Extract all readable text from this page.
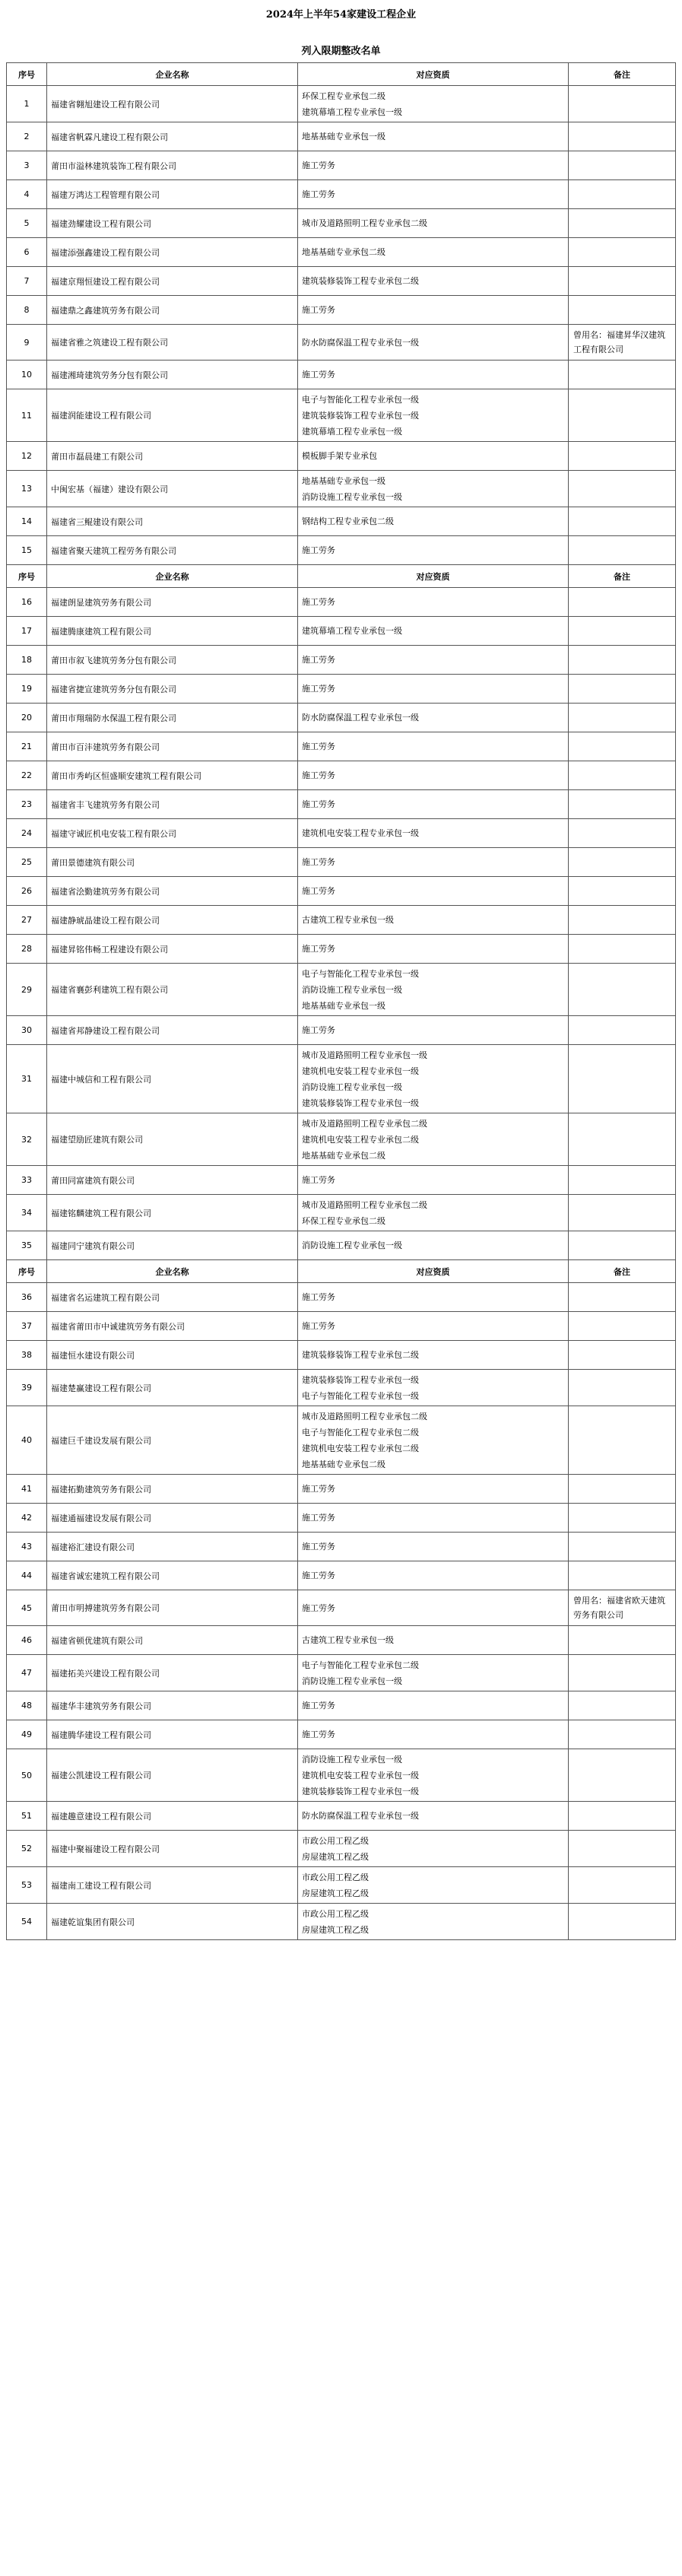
2024年上半年54家建设工程企业
列入限期整改名单
序号	企业名称	对应资质	备注
1	福建省翱旭建设工程有限公司	环保工程专业承包二级
建筑幕墙工程专业承包一级	

2	福建省帆霖凡建设工程有限公司	地基基础专业承包一级	

3	莆田市溢林建筑装饰工程有限公司	施工劳务	

4	福建万鸿达工程管理有限公司	施工劳务	

5	福建劲耀建设工程有限公司	城市及道路照明工程专业承包二级	

6	福建添强鑫建设工程有限公司	地基基础专业承包二级	

7	福建京翔恒建设工程有限公司	建筑装修装饰工程专业承包二级	

8	福建鼎之鑫建筑劳务有限公司	施工劳务	

9	福建省雅之筑建设工程有限公司	防水防腐保温工程专业承包一级	曾用名：福建昇华汉建筑工程有限公司
10	福建湘琦建筑劳务分包有限公司	施工劳务	

11	福建润能建设工程有限公司	电子与智能化工程专业承包一级
建筑装修装饰工程专业承包一级
建筑幕墙工程专业承包一级	

12	莆田市磊晨建工有限公司	模板脚手架专业承包	

13	中闽宏基（福建）建设有限公司	地基基础专业承包一级
消防设施工程专业承包一级	

14	福建省三鲲建设有限公司	钢结构工程专业承包二级	

15	福建省聚天建筑工程劳务有限公司	施工劳务	

序号	企业名称	对应资质	备注
16	福建朗显建筑劳务有限公司	施工劳务	

17	福建腾康建筑工程有限公司	建筑幕墙工程专业承包一级	

18	莆田市叙飞建筑劳务分包有限公司	施工劳务	

19	福建省捷宣建筑劳务分包有限公司	施工劳务	

20	莆田市翔瑞防水保温工程有限公司	防水防腐保温工程专业承包一级	

21	莆田市百沣建筑劳务有限公司	施工劳务	

22	莆田市秀屿区恒盛顺安建筑工程有限公司	施工劳务	

23	福建省丰飞建筑劳务有限公司	施工劳务	

24	福建守诚匠机电安装工程有限公司	建筑机电安装工程专业承包一级	

25	莆田景德建筑有限公司	施工劳务	

26	福建省浍勤建筑劳务有限公司	施工劳务	

27	福建静琥晶建设工程有限公司	古建筑工程专业承包一级	

28	福建昇铭伟畅工程建设有限公司	施工劳务	

29	福建省襄彭利建筑工程有限公司	电子与智能化工程专业承包一级
消防设施工程专业承包一级
地基基础专业承包一级	

30	福建省邦静建设工程有限公司	施工劳务	

31	福建中城信和工程有限公司	城市及道路照明工程专业承包一级
建筑机电安装工程专业承包一级
消防设施工程专业承包一级
建筑装修装饰工程专业承包一级	

32	福建望励匠建筑有限公司	城市及道路照明工程专业承包二级
建筑机电安装工程专业承包二级
地基基础专业承包二级	

33	莆田同富建筑有限公司	施工劳务	

34	福建铭麟建筑工程有限公司	城市及道路照明工程专业承包二级
环保工程专业承包二级	

35	福建同宁建筑有限公司	消防设施工程专业承包一级	

序号	企业名称	对应资质	备注
36	福建省名运建筑工程有限公司	施工劳务	

37	福建省莆田市中诚建筑劳务有限公司	施工劳务	

38	福建恒水建设有限公司	建筑装修装饰工程专业承包二级	

39	福建楚赢建设工程有限公司	建筑装修装饰工程专业承包一级
电子与智能化工程专业承包一级	

40	福建巨千建设发展有限公司	城市及道路照明工程专业承包二级
电子与智能化工程专业承包二级
建筑机电安装工程专业承包二级
地基基础专业承包二级	

41	福建拓勤建筑劳务有限公司	施工劳务	

42	福建通福建设发展有限公司	施工劳务	

43	福建裕汇建设有限公司	施工劳务	

44	福建省诚宏建筑工程有限公司	施工劳务	

45	莆田市明搏建筑劳务有限公司	施工劳务	曾用名：福建省欧天建筑劳务有限公司
46	福建省顿优建筑有限公司	古建筑工程专业承包一级	

47	福建拓美兴建设工程有限公司	电子与智能化工程专业承包二级
消防设施工程专业承包一级	

48	福建华丰建筑劳务有限公司	施工劳务	

49	福建腾华建设工程有限公司	施工劳务	

50	福建公凯建设工程有限公司	消防设施工程专业承包一级
建筑机电安装工程专业承包一级
建筑装修装饰工程专业承包一级	

51	福建趣意建设工程有限公司	防水防腐保温工程专业承包一级	

52	福建中聚福建设工程有限公司	市政公用工程乙级
房屋建筑工程乙级	

53	福建南工建设工程有限公司	市政公用工程乙级
房屋建筑工程乙级	

54	福建乾谊集团有限公司	市政公用工程乙级
房屋建筑工程乙级	
